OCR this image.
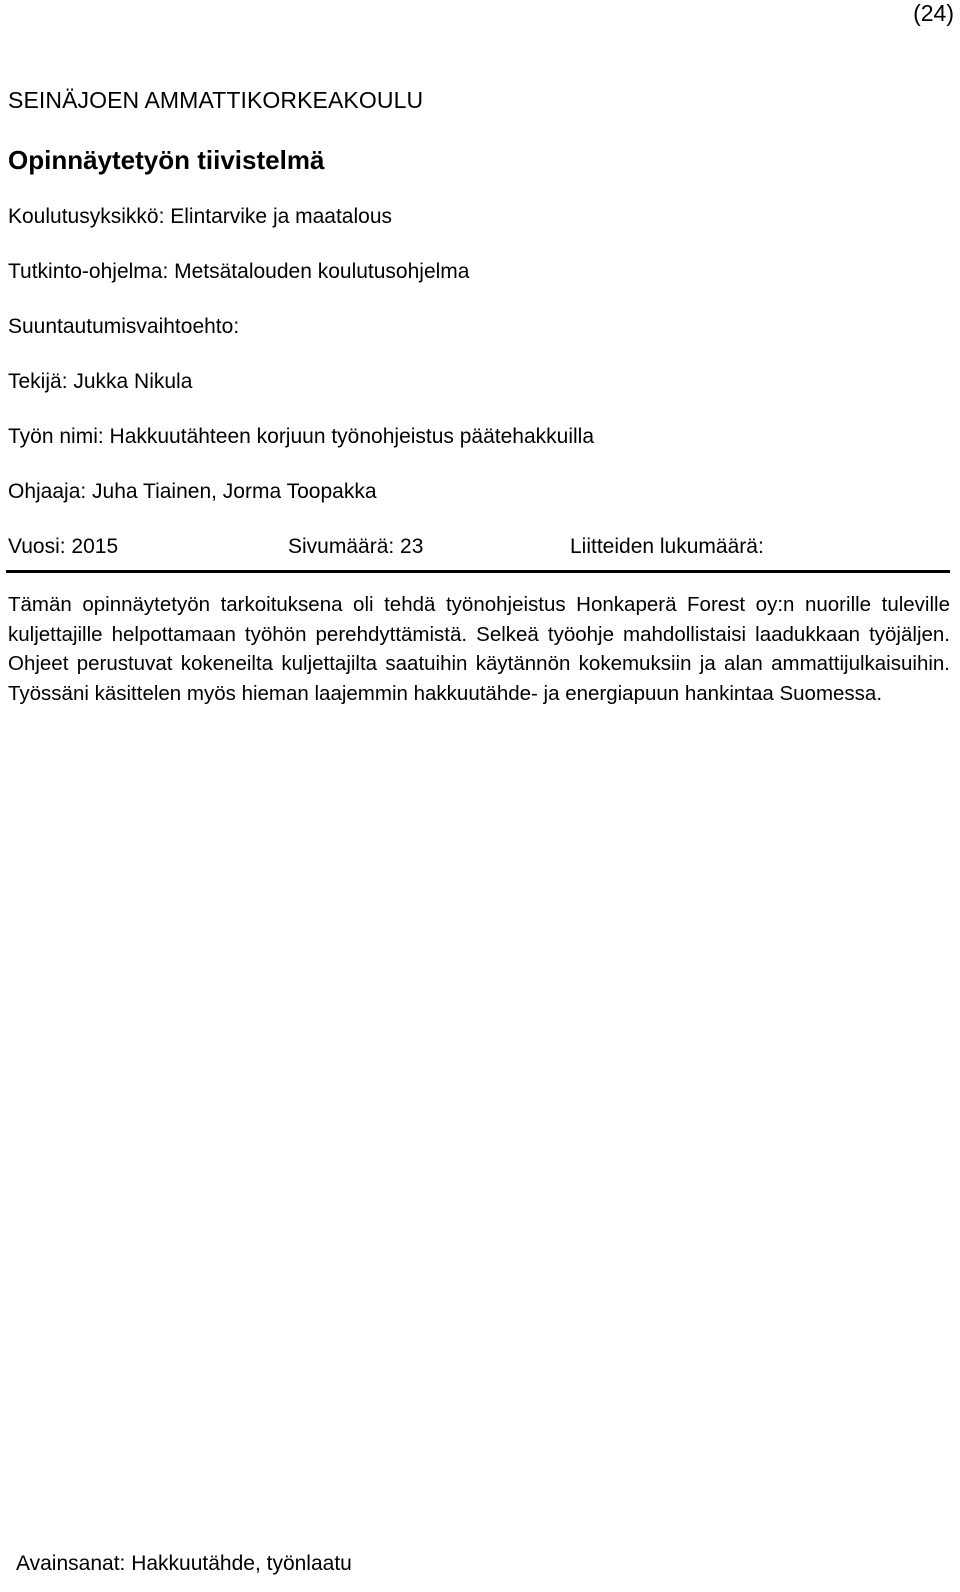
(24)
SEINÄJOEN AMMATTIKORKEAKOULU
Opinnäytetyön tiivistelmä
Koulutusyksikkö: Elintarvike ja maatalous
Tutkinto-ohjelma: Metsätalouden koulutusohjelma
Suuntautumisvaihtoehto:
Tekijä: Jukka Nikula
Työn nimi: Hakkuutähteen korjuun työnohjeistus päätehakkuilla
Ohjaaja: Juha Tiainen, Jorma Toopakka
Vuosi: 2015	Sivumäärä: 23	Liitteiden lukumäärä:

Tämän opinnäytetyön tarkoituksena oli tehdä työnohjeistus Honkaperä Forest oy:n nuorille tuleville kuljettajille helpottamaan työhön perehdyttämistä. Selkeä työohje mahdollistaisi laadukkaan työjäljen. Ohjeet perustuvat kokeneilta kuljettajilta saatuihin käytännön kokemuksiin ja alan ammattijulkaisuihin. Työssäni käsittelen myös hieman laajemmin hakkuutähde- ja energiapuun hankintaa Suomessa.

Avainsanat: Hakkuutähde, työnlaatu
